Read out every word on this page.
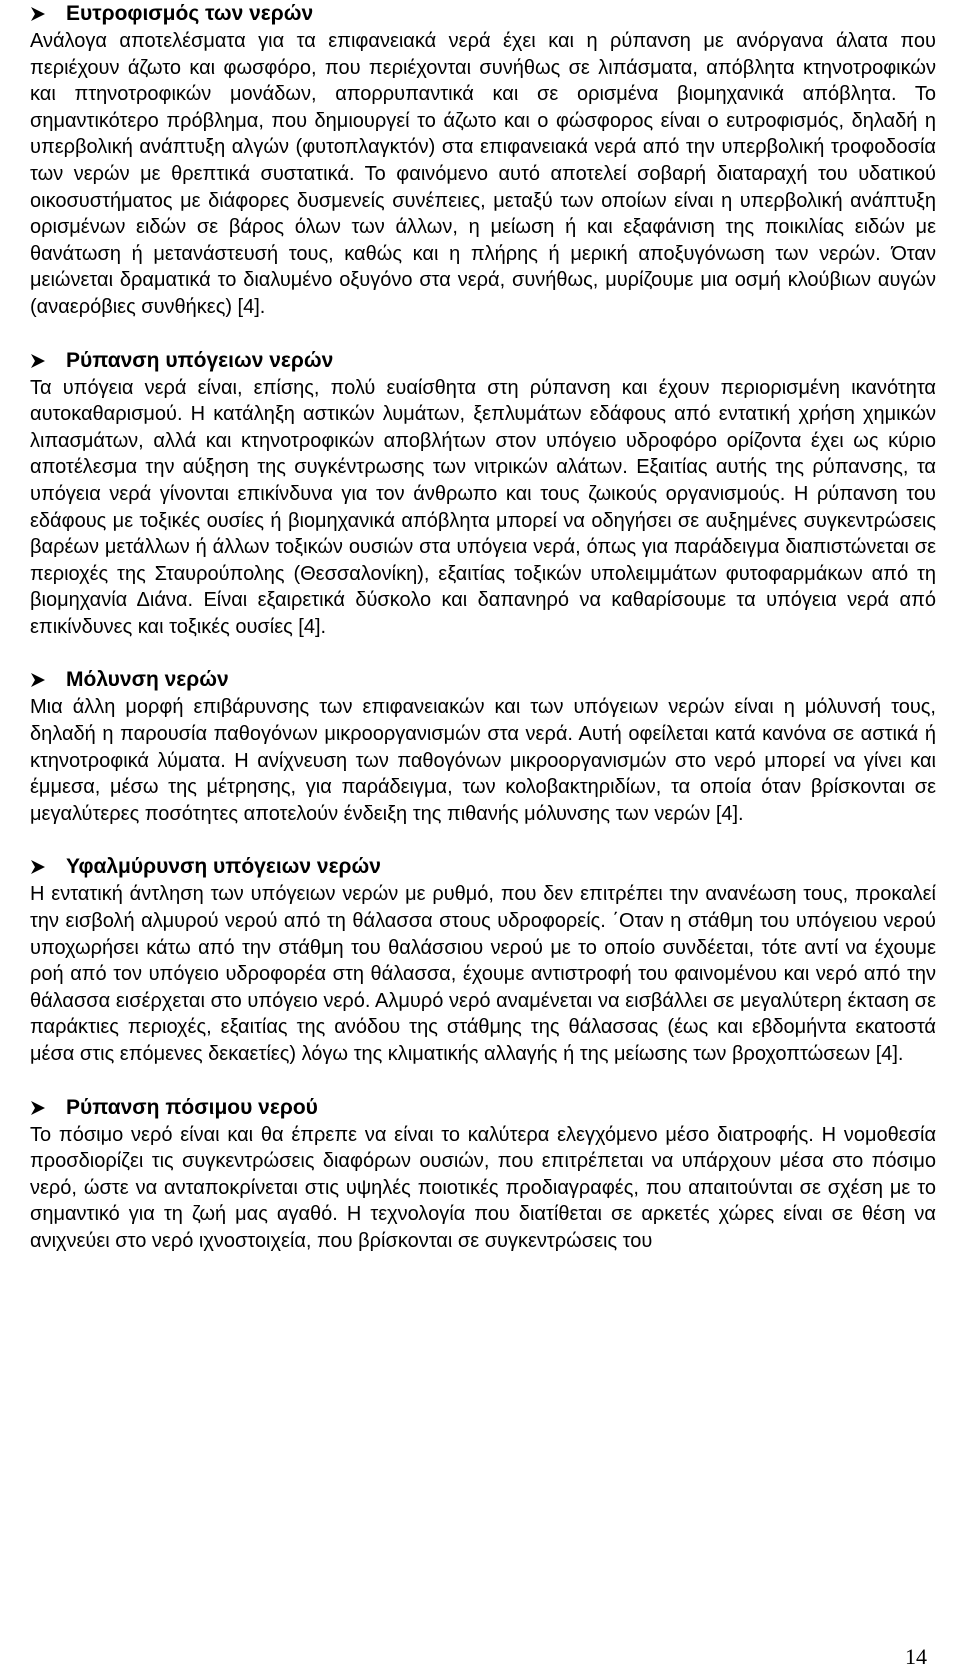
Ευτροφισμός των νερών

Ανάλογα αποτελέσματα για τα επιφανειακά νερά έχει και η ρύπανση με ανόργανα άλατα που περιέχουν άζωτο και φωσφόρο, που περιέχονται συνήθως σε λιπάσματα, απόβλητα κτηνοτροφικών και πτηνοτροφικών μονάδων, απορρυπαντικά και σε ορισμένα βιομηχανικά απόβλητα. Το σημαντικότερο πρόβλημα, που δημιουργεί το άζωτο και ο φώσφορος είναι ο ευτροφισμός, δηλαδή η υπερβολική ανάπτυξη αλγών (φυτοπλαγκτόν) στα επιφανειακά νερά από την υπερβολική τροφοδοσία των νερών με θρεπτικά συστατικά. Το φαινόμενο αυτό αποτελεί σοβαρή διαταραχή του υδατικού οικοσυστήματος με διάφορες δυσμενείς συνέπειες, μεταξύ των οποίων είναι η υπερβολική ανάπτυξη ορισμένων ειδών σε βάρος όλων των άλλων, η μείωση ή και εξαφάνιση της ποικιλίας ειδών με θανάτωση ή μετανάστευσή τους, καθώς και η πλήρης ή μερική αποξυγόνωση των νερών. Όταν μειώνεται δραματικά το διαλυμένο οξυγόνο στα νερά, συνήθως, μυρίζουμε μια οσμή κλούβιων αυγών (αναερόβιες συνθήκες) [4].

Ρύπανση υπόγειων νερών

Τα υπόγεια νερά είναι, επίσης, πολύ ευαίσθητα στη ρύπανση και έχουν περιορισμένη ικανότητα αυτοκαθαρισμού. Η κατάληξη αστικών λυμάτων, ξεπλυμάτων εδάφους από εντατική χρήση χημικών λιπασμάτων, αλλά και κτηνοτροφικών αποβλήτων στον υπόγειο υδροφόρο ορίζοντα έχει ως κύριο αποτέλεσμα την αύξηση της συγκέντρωσης των νιτρικών αλάτων. Εξαιτίας αυτής της ρύπανσης, τα υπόγεια νερά γίνονται επικίνδυνα για τον άνθρωπο και τους ζωικούς οργανισμούς. Η ρύπανση του εδάφους με τοξικές ουσίες ή βιομηχανικά απόβλητα μπορεί να οδηγήσει σε αυξημένες συγκεντρώσεις βαρέων μετάλλων ή άλλων τοξικών ουσιών στα υπόγεια νερά, όπως για παράδειγμα διαπιστώνεται σε περιοχές της Σταυρούπολης (Θεσσαλονίκη), εξαιτίας τοξικών υπολειμμάτων φυτοφαρμάκων από τη βιομηχανία Διάνα. Είναι εξαιρετικά δύσκολο και δαπανηρό να καθαρίσουμε τα υπόγεια νερά από επικίνδυνες και τοξικές ουσίες [4].

Μόλυνση νερών

Μια άλλη μορφή επιβάρυνσης των επιφανειακών και των υπόγειων νερών είναι η μόλυνσή τους, δηλαδή η παρουσία παθογόνων μικροοργανισμών στα νερά. Αυτή οφείλεται κατά κανόνα σε αστικά ή κτηνοτροφικά λύματα. Η ανίχνευση των παθογόνων μικροοργανισμών στο νερό μπορεί να γίνει και έμμεσα, μέσω της μέτρησης, για παράδειγμα, των κολοβακτηριδίων, τα οποία όταν βρίσκονται σε μεγαλύτερες ποσότητες αποτελούν ένδειξη της πιθανής μόλυνσης των νερών [4].

Υφαλμύρυνση υπόγειων νερών

Η εντατική άντληση των υπόγειων νερών με ρυθμό, που δεν επιτρέπει την ανανέωση τους, προκαλεί την εισβολή αλμυρού νερού από τη θάλασσα στους υδροφορείς. ΄Οταν η στάθμη του υπόγειου νερού υποχωρήσει κάτω από την στάθμη του θαλάσσιου νερού με το οποίο συνδέεται, τότε αντί να έχουμε ροή από τον υπόγειο υδροφορέα στη θάλασσα, έχουμε αντιστροφή του φαινομένου και νερό από την θάλασσα εισέρχεται στο υπόγειο νερό. Αλμυρό νερό αναμένεται να εισβάλλει σε μεγαλύτερη έκταση σε παράκτιες περιοχές, εξαιτίας της ανόδου της στάθμης της θάλασσας (έως και εβδομήντα εκατοστά μέσα στις επόμενες δεκαετίες) λόγω της κλιματικής αλλαγής ή της μείωσης των βροχοπτώσεων [4].

Ρύπανση πόσιμου νερού

Το πόσιμο νερό είναι και θα έπρεπε να είναι το καλύτερα ελεγχόμενο μέσο διατροφής. Η νομοθεσία προσδιορίζει τις συγκεντρώσεις διαφόρων ουσιών, που επιτρέπεται να υπάρχουν μέσα στο πόσιμο νερό, ώστε να ανταποκρίνεται στις υψηλές ποιοτικές προδιαγραφές, που απαιτούνται σε σχέση με το σημαντικό για τη ζωή μας αγαθό. Η τεχνολογία που διατίθεται σε αρκετές χώρες είναι σε θέση να ανιχνεύει στο νερό ιχνοστοιχεία, που βρίσκονται σε συγκεντρώσεις του

14
